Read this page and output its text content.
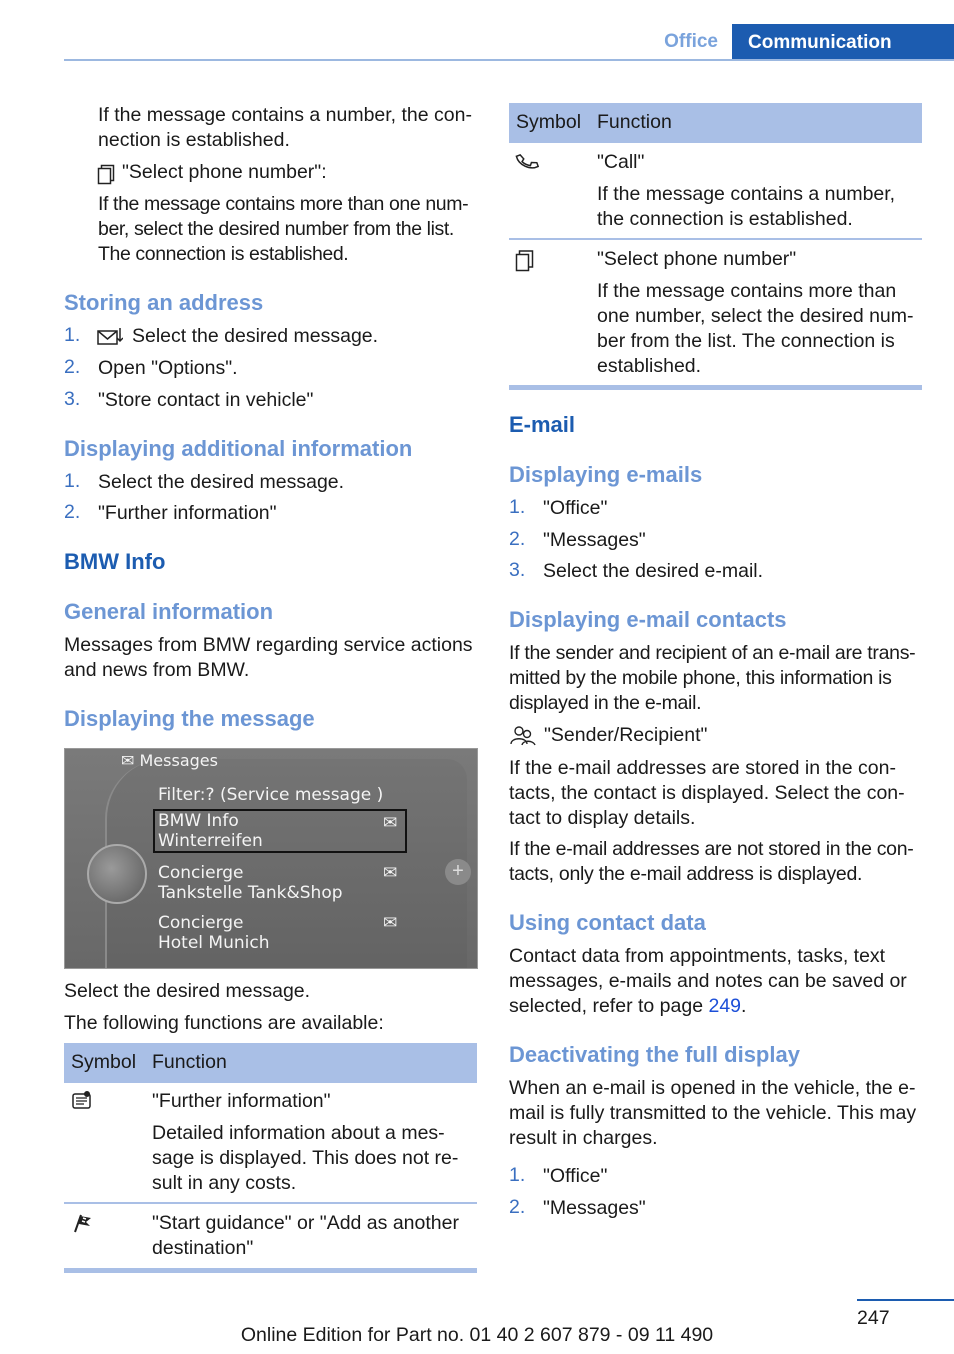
Office	Communication
If the message contains a number, the con-
nection is established.
"Select phone number":
If the message contains more than one num-
ber, select the desired number from the list.
The connection is established.
Storing an address
1.	Select the desired message.
2. Open "Options".
3. "Store contact in vehicle"
Displaying additional information
1. Select the desired message.
2. "Further information"
BMW Info
General information
Messages from BMW regarding service actions
and news from BMW.
Displaying the message
✉︎ Messages
Filter:? (Service message )
BMW Info
Winterreifen
✉
Concierge
Tankstelle Tank&Shop
✉
Concierge
Hotel Munich
✉
+
Select the desired message.
The following functions are available:
Symbol Function
"Further information"
Detailed information about a mes-
sage is displayed. This does not re-
sult in any costs.
"Start guidance" or "Add as another
destination"
Symbol Function
"Call"
If the message contains a number,
the connection is established.
"Select phone number"
If the message contains more than
one number, select the desired num-
ber from the list. The connection is
established.
E-mail
Displaying e-mails
1. "Office"
2. "Messages"
3. Select the desired e-mail.
Displaying e-mail contacts
If the sender and recipient of an e-mail are trans-
mitted by the mobile phone, this information is
displayed in the e-mail.
"Sender/Recipient"
If the e-mail addresses are stored in the con-
tacts, the contact is displayed. Select the con-
tact to display details.
If the e-mail addresses are not stored in the con-
tacts, only the e-mail address is displayed.
Using contact data
Contact data from appointments, tasks, text
messages, e-mails and notes can be saved or
selected, refer to page 249.
Deactivating the full display
When an e-mail is opened in the vehicle, the e-
mail is fully transmitted to the vehicle. This may
result in charges.
1. "Office"
2. "Messages"
247
Online Edition for Part no. 01 40 2 607 879 - 09 11 490
